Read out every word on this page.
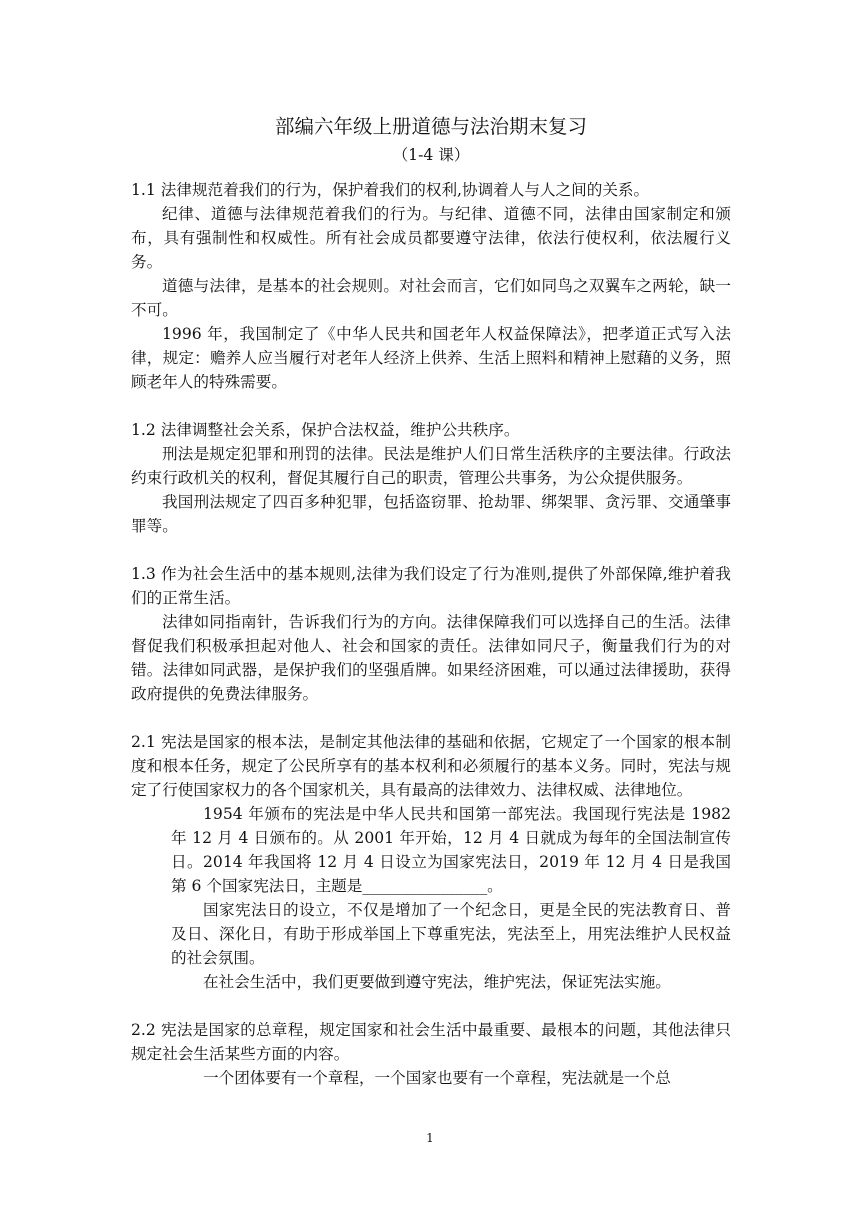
部编六年级上册道德与法治期末复习
（1-4 课）

1.1 法律规范着我们的行为，保护着我们的权利,协调着人与人之间的关系。

纪律、道德与法律规范着我们的行为。与纪律、道德不同，法律由国家制定和颁布，具有强制性和权威性。所有社会成员都要遵守法律，依法行使权利，依法履行义务。

道德与法律，是基本的社会规则。对社会而言，它们如同鸟之双翼车之两轮，缺一不可。

1996 年，我国制定了《中华人民共和国老年人权益保障法》，把孝道正式写入法律，规定：赡养人应当履行对老年人经济上供养、生活上照料和精神上慰藉的义务，照顾老年人的特殊需要。

1.2 法律调整社会关系，保护合法权益，维护公共秩序。

刑法是规定犯罪和刑罚的法律。民法是维护人们日常生活秩序的主要法律。行政法约束行政机关的权利，督促其履行自己的职责，管理公共事务，为公众提供服务。

我国刑法规定了四百多种犯罪，包括盗窃罪、抢劫罪、绑架罪、贪污罪、交通肇事罪等。

1.3 作为社会生活中的基本规则,法律为我们设定了行为准则,提供了外部保障,维护着我们的正常生活。

法律如同指南针，告诉我们行为的方向。法律保障我们可以选择自己的生活。法律督促我们积极承担起对他人、社会和国家的责任。法律如同尺子，衡量我们行为的对错。法律如同武器，是保护我们的坚强盾牌。如果经济困难，可以通过法律援助，获得政府提供的免费法律服务。

2.1 宪法是国家的根本法，是制定其他法律的基础和依据，它规定了一个国家的根本制度和根本任务，规定了公民所享有的基本权利和必须履行的基本义务。同时，宪法与规定了行使国家权力的各个国家机关，具有最高的法律效力、法律权威、法律地位。

1954 年颁布的宪法是中华人民共和国第一部宪法。我国现行宪法是 1982 年 12 月 4 日颁布的。从 2001 年开始，12 月 4 日就成为每年的全国法制宣传日。2014 年我国将 12 月 4 日设立为国家宪法日，2019 年 12 月 4 日是我国第 6 个国家宪法日，主题是________________。

国家宪法日的设立，不仅是增加了一个纪念日，更是全民的宪法教育日、普及日、深化日，有助于形成举国上下尊重宪法，宪法至上，用宪法维护人民权益的社会氛围。

在社会生活中，我们更要做到遵守宪法，维护宪法，保证宪法实施。

2.2 宪法是国家的总章程，规定国家和社会生活中最重要、最根本的问题，其他法律只规定社会生活某些方面的内容。

一个团体要有一个章程，一个国家也要有一个章程，宪法就是一个总

1
